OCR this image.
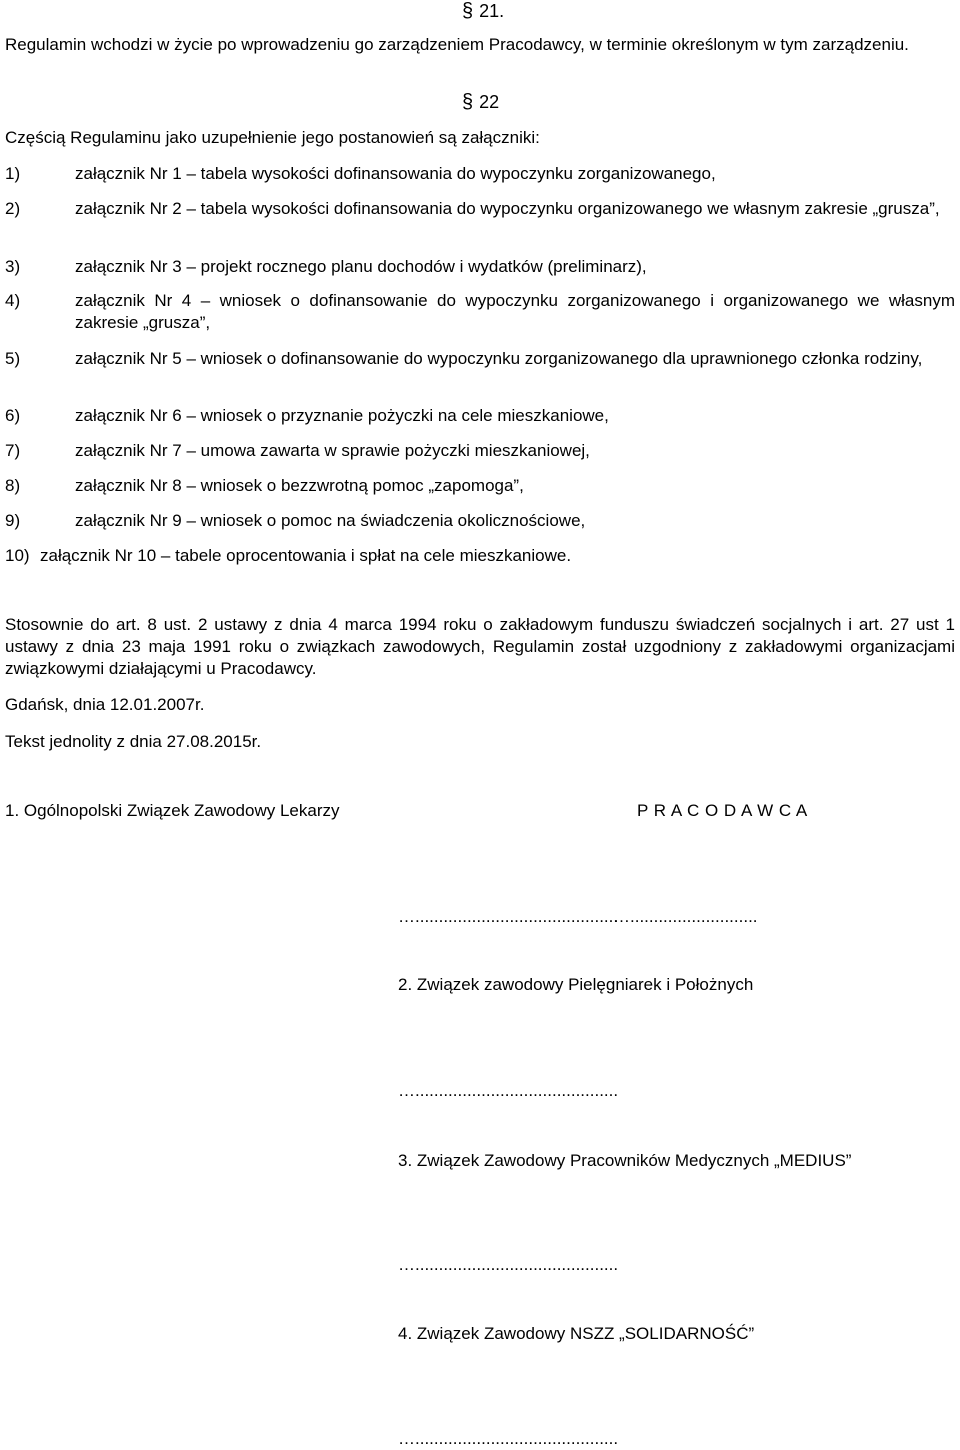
§ 21.
Regulamin wchodzi w życie po wprowadzeniu go zarządzeniem Pracodawcy, w terminie określonym w tym zarządzeniu.
§ 22
Częścią Regulaminu jako uzupełnienie jego postanowień są załączniki:
1)	załącznik Nr 1 – tabela wysokości dofinansowania do wypoczynku zorganizowanego,
2)	załącznik Nr 2 – tabela wysokości dofinansowania do wypoczynku organizowanego we własnym zakresie „grusza”,
3)	załącznik Nr 3 – projekt rocznego planu dochodów i wydatków (preliminarz),
4)	załącznik Nr 4 – wniosek o dofinansowanie do wypoczynku zorganizowanego i organizowanego we własnym zakresie „grusza”,
5)	załącznik Nr 5 – wniosek o dofinansowanie do wypoczynku zorganizowanego dla uprawnionego członka rodziny,
6)	załącznik Nr 6 – wniosek o przyznanie pożyczki na cele mieszkaniowe,
7)	załącznik Nr 7 – umowa zawarta w sprawie pożyczki mieszkaniowej,
8)	załącznik Nr 8 – wniosek o bezzwrotną pomoc „zapomoga”,
9)	załącznik Nr 9 – wniosek o pomoc na świadczenia okolicznościowe,
10) załącznik Nr 10 – tabele oprocentowania i spłat na cele mieszkaniowe.
Stosownie do art. 8 ust. 2 ustawy z dnia 4 marca 1994 roku o zakładowym funduszu świadczeń socjalnych i art. 27 ust 1 ustawy z dnia 23 maja 1991 roku o związkach zawodowych, Regulamin został uzgodniony z zakładowymi organizacjami związkowymi działającymi u Pracodawcy.
Gdańsk, dnia 12.01.2007r.
Tekst jednolity z dnia 27.08.2015r.
1. Ogólnopolski Związek Zawodowy Lekarzy	P R A C O D A W C A
…...........................................
…...........................
2. Związek zawodowy Pielęgniarek i Położnych
…...........................................
3. Związek Zawodowy Pracowników Medycznych „MEDIUS”
…...........................................
4. Związek Zawodowy NSZZ „SOLIDARNOŚĆ”
…...........................................
